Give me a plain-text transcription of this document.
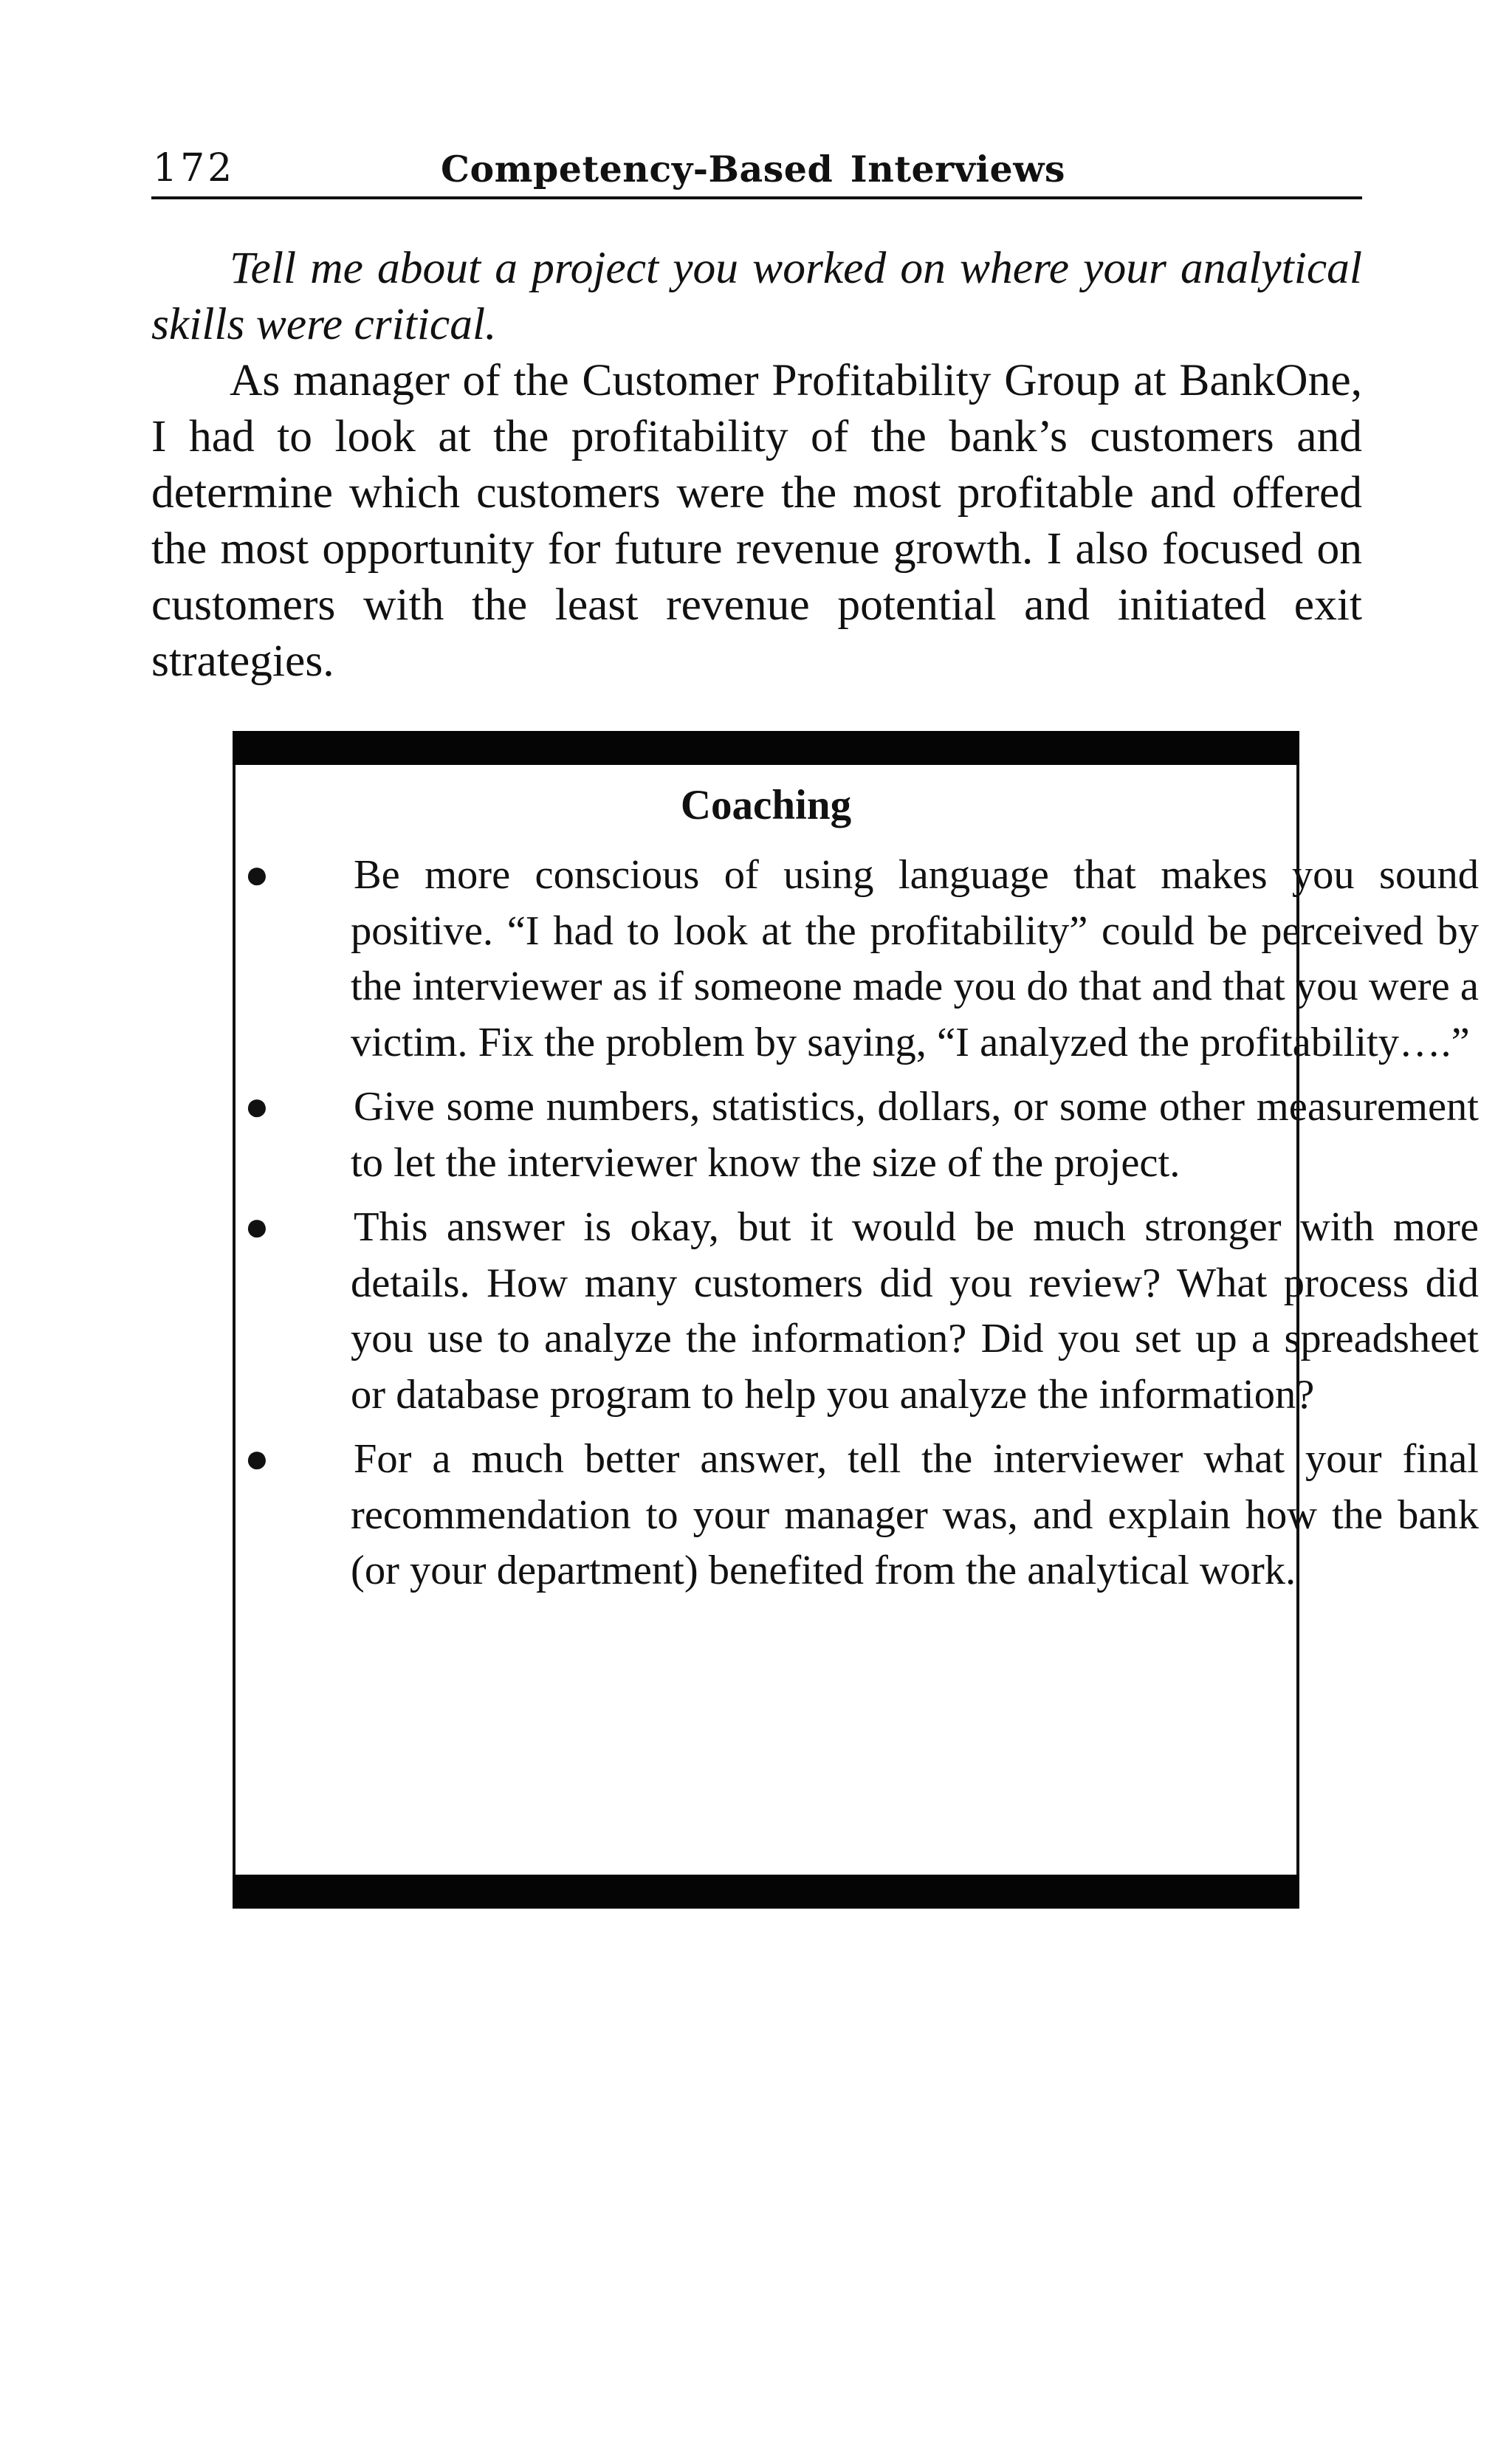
172	Competency-Based Interviews

Tell me about a project you worked on where your analytical skills were critical.

As manager of the Customer Profitability Group at BankOne, I had to look at the profitability of the bank’s customers and determine which customers were the most profitable and offered the most opportunity for future revenue growth. I also focused on customers with the least revenue potential and initiated exit strategies.

Coaching
● Be more conscious of using language that makes you sound positive. “I had to look at the profitability” could be perceived by the interviewer as if someone made you do that and that you were a victim. Fix the problem by saying, “I analyzed the profitability….”
● Give some numbers, statistics, dollars, or some other measurement to let the interviewer know the size of the project.
● This answer is okay, but it would be much stronger with more details. How many customers did you review? What process did you use to analyze the information? Did you set up a spreadsheet or database program to help you analyze the information?
● For a much better answer, tell the interviewer what your final recommendation to your manager was, and explain how the bank (or your department) benefited from the analytical work.
